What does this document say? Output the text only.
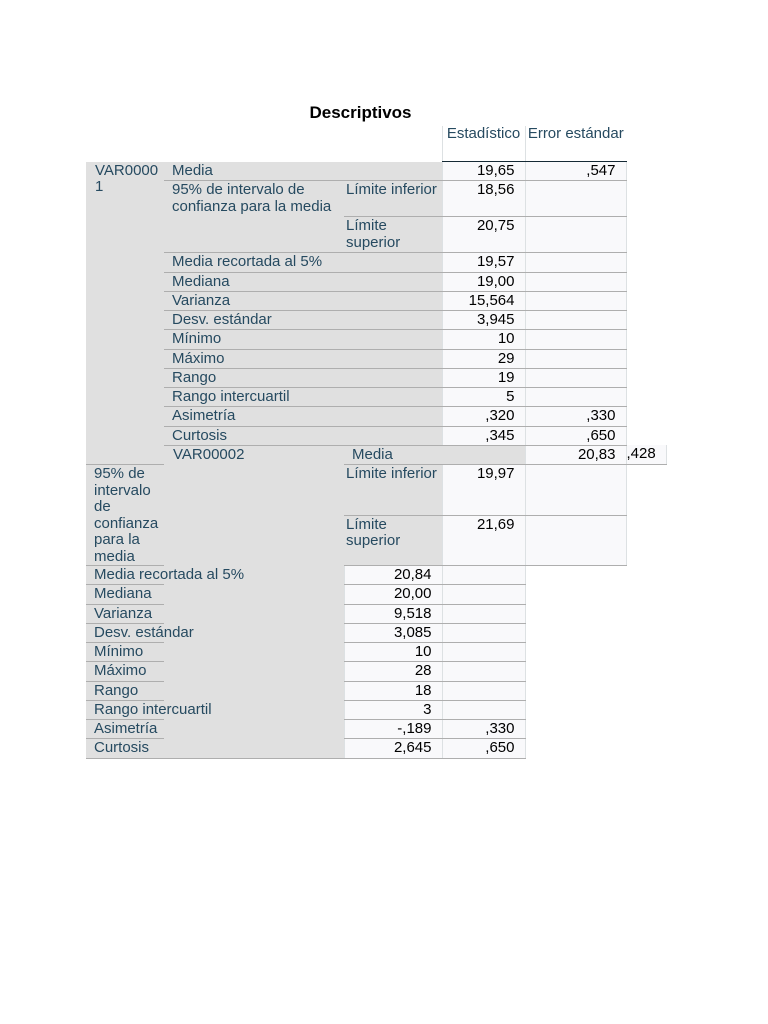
Descriptivos
			Estadístico	Error estándar	
VAR00001	Media		19,65	,547	
	95% de intervalo de confianza para la media	Límite inferior	18,56		
		Límite superior	20,75		
	Media recortada al 5%		19,57		
	Mediana		19,00		
	Varianza		15,564		
	Desv. estándar		3,945		
	Mínimo		10		
	Máximo		29		
	Rango		19		
	Rango intercuartil		5		
	Asimetría		,320	,330	
	Curtosis		,345	,650	
	VAR00002	Media		20,83	,428
95% de intervalo de confianza para la media		Límite inferior	19,97		
		Límite superior	21,69		
Media recortada al 5%		20,84			
Mediana		20,00			
Varianza		9,518			
Desv. estándar		3,085			
Mínimo		10			
Máximo		28			
Rango		18			
Rango intercuartil		3			
Asimetría		-,189	,330		
Curtosis		2,645	,650		
